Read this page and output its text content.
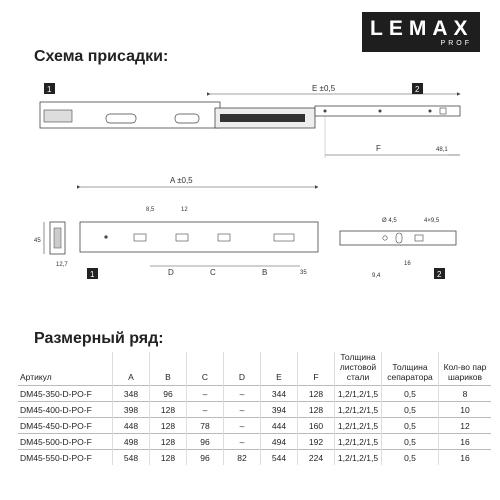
LEMAX
PROF
Схема присадки:
E ±0,5
F	48,1
1	2
45
12,7
A ±0,5
8,5	12
D	C	B	35
1
Ø 4,5	4×9,5
16
9,4	2
Размерный ряд:
Артикул	A	B	C	D	E	F	Толщина
листовой
стали	Толщина
сепаратора	Кол-во пар
шариков
DM45-350-D-PO-F	348	96	–	–	344	128	1,2/1,2/1,5	0,5	8
DM45-400-D-PO-F	398	128	–	–	394	128	1,2/1,2/1,5	0,5	10
DM45-450-D-PO-F	448	128	78	–	444	160	1,2/1,2/1,5	0,5	12
DM45-500-D-PO-F	498	128	96	–	494	192	1,2/1,2/1,5	0,5	16
DM45-550-D-PO-F	548	128	96	82	544	224	1,2/1,2/1,5	0,5	16
